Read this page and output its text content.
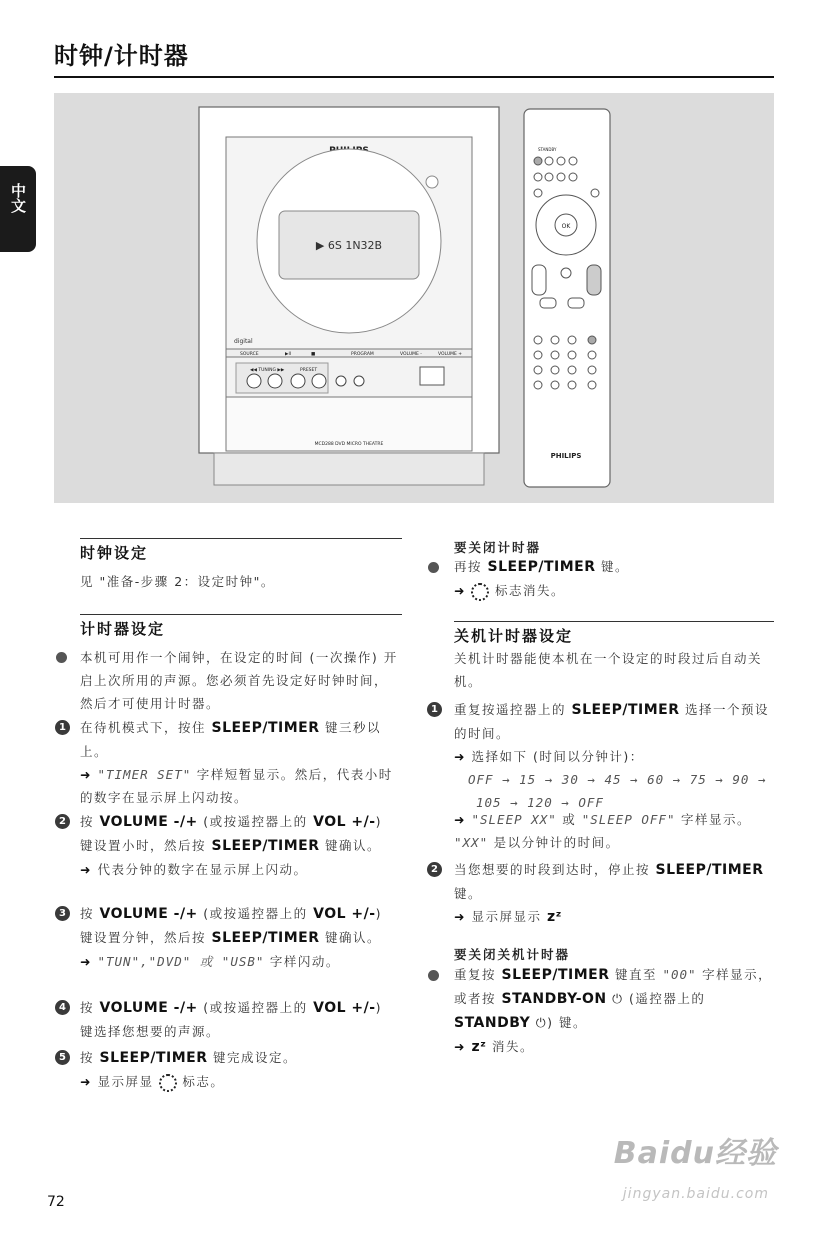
时钟/计时器
中文
▶ 6S 1N32B
digital
SOURCE	▶II	■	PROGRAM	VOLUME -	VOLUME +
◀◀ TUNING ▶▶	PRESET
MCD288 DVD MICRO THEATRE
STANDBY
OK
PHILIPS
时钟设定
见 "准备-步骤 2：设定时钟"。
计时器设定
本机可用作一个闹钟，在设定的时间 (一次操作) 开启上次所用的声源。您必须首先设定好时钟时间，然后才可使用计时器。
1	在待机模式下，按住 SLEEP/TIMER 键三秒以上。
➜ "TIMER SET" 字样短暂显示。然后，代表小时的数字在显示屏上闪动按。
2	按 VOLUME -/+ (或按遥控器上的 VOL +/-) 键设置小时，然后按 SLEEP/TIMER 键确认。
➜ 代表分钟的数字在显示屏上闪动。
3	按 VOLUME -/+ (或按遥控器上的 VOL +/-) 键设置分钟，然后按 SLEEP/TIMER 键确认。
➜ "TUN","DVD" 或 "USB" 字样闪动。
4	按 VOLUME -/+ (或按遥控器上的 VOL +/-) 键选择您想要的声源。
5	按 SLEEP/TIMER 键完成设定。
➜ 显示屏显  标志。
要关闭计时器
再按 SLEEP/TIMER 键。
➜  标志消失。
关机计时器设定
关机计时器能使本机在一个设定的时段过后自动关机。
1	重复按遥控器上的 SLEEP/TIMER 选择一个预设的时间。
➜ 选择如下 (时间以分钟计)：
OFF → 15 → 30 → 45 → 60 → 75 → 90 →
105 → 120 → OFF
➜ "SLEEP XX" 或 "SLEEP OFF" 字样显示。
"XX" 是以分钟计的时间。
2	当您想要的时段到达时，停止按 SLEEP/TIMER 键。
➜ 显示屏显示 zᶻ
要关闭关机计时器
重复按 SLEEP/TIMER 键直至 "00" 字样显示，或者按 STANDBY-ON ⏻ (遥控器上的 STANDBY ⏻) 键。
➜ zᶻ 消失。
72
Baidu经验
jingyan.baidu.com
